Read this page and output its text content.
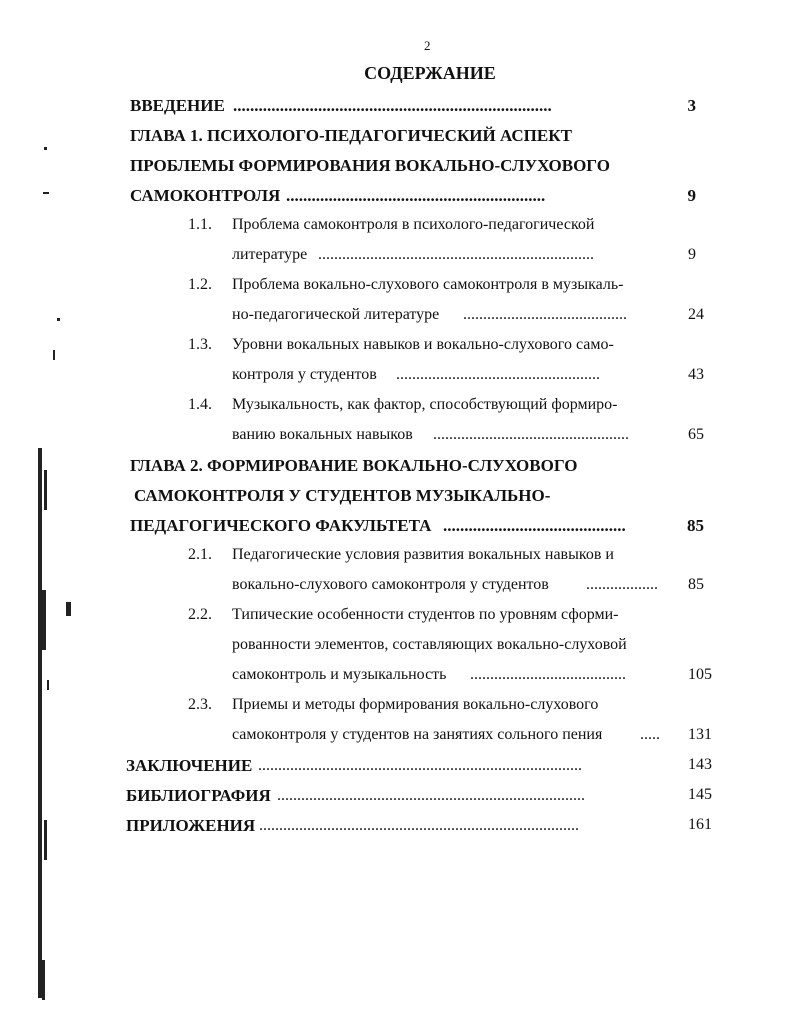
2
СОДЕРЖАНИЕ
ВВЕДЕНИЕ ...........................................................................	3
ГЛАВА 1. ПСИХОЛОГО-ПЕДАГОГИЧЕСКИЙ АСПЕКТ
ПРОБЛЕМЫ ФОРМИРОВАНИЯ ВОКАЛЬНО-СЛУХОВОГО
САМОКОНТРОЛЯ .............................................................	9
1.1. Проблема самоконтроля в психолого-педагогической
литературе .....................................................................	9
1.2. Проблема вокально-слухового самоконтроля в музыкаль-
но-педагогической литературе .........................................	24
1.3. Уровни вокальных навыков и вокально-слухового само-
контроля у студентов ...................................................	43
1.4. Музыкальность, как фактор, способствующий формиро-
ванию вокальных навыков .................................................	65
ГЛАВА 2. ФОРМИРОВАНИЕ ВОКАЛЬНО-СЛУХОВОГО
САМОКОНТРОЛЯ У СТУДЕНТОВ МУЗЫКАЛЬНО-
ПЕДАГОГИЧЕСКОГО ФАКУЛЬТЕТА ...........................................	85
2.1. Педагогические условия развития вокальных навыков и
вокально-слухового самоконтроля у студентов ..................	85
2.2. Типические особенности студентов по уровням сформи-
рованности элементов, составляющих вокально-слуховой
самоконтроль и музыкальность .......................................	105
2.3. Приемы и методы формирования вокально-слухового
самоконтроля у студентов на занятиях сольного пения .....	131
ЗАКЛЮЧЕНИЕ .................................................................................	143
БИБЛИОГРАФИЯ .............................................................................	145
ПРИЛОЖЕНИЯ ................................................................................	161
